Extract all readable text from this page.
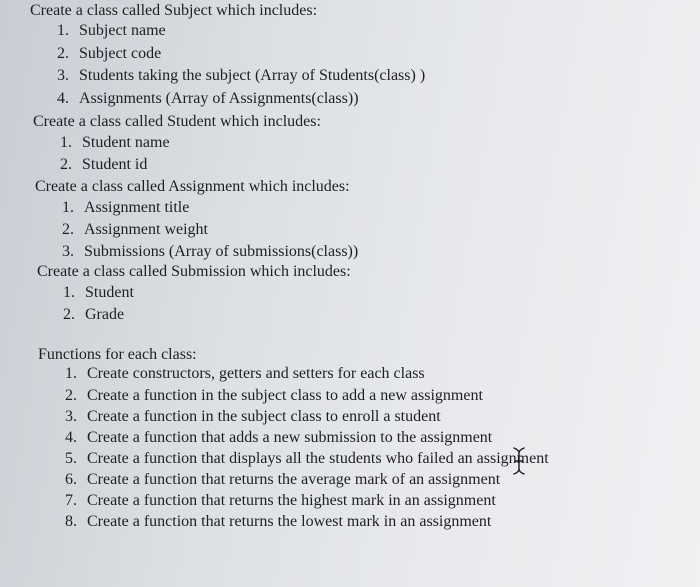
Create a class called Subject which includes:
1. Subject name
2. Subject code
3. Students taking the subject (Array of Students(class) )
4. Assignments (Array of Assignments(class))
Create a class called Student which includes:
1. Student name
2. Student id
Create a class called Assignment which includes:
1. Assignment title
2. Assignment weight
3. Submissions (Array of submissions(class))
Create a class called Submission which includes:
1. Student
2. Grade
Functions for each class:
1. Create constructors, getters and setters for each class
2. Create a function in the subject class to add a new assignment
3. Create a function in the subject class to enroll a student
4. Create a function that adds a new submission to the assignment
5. Create a function that displays all the students who failed an assignment
6. Create a function that returns the average mark of an assignment
7. Create a function that returns the highest mark in an assignment
8. Create a function that returns the lowest mark in an assignment
